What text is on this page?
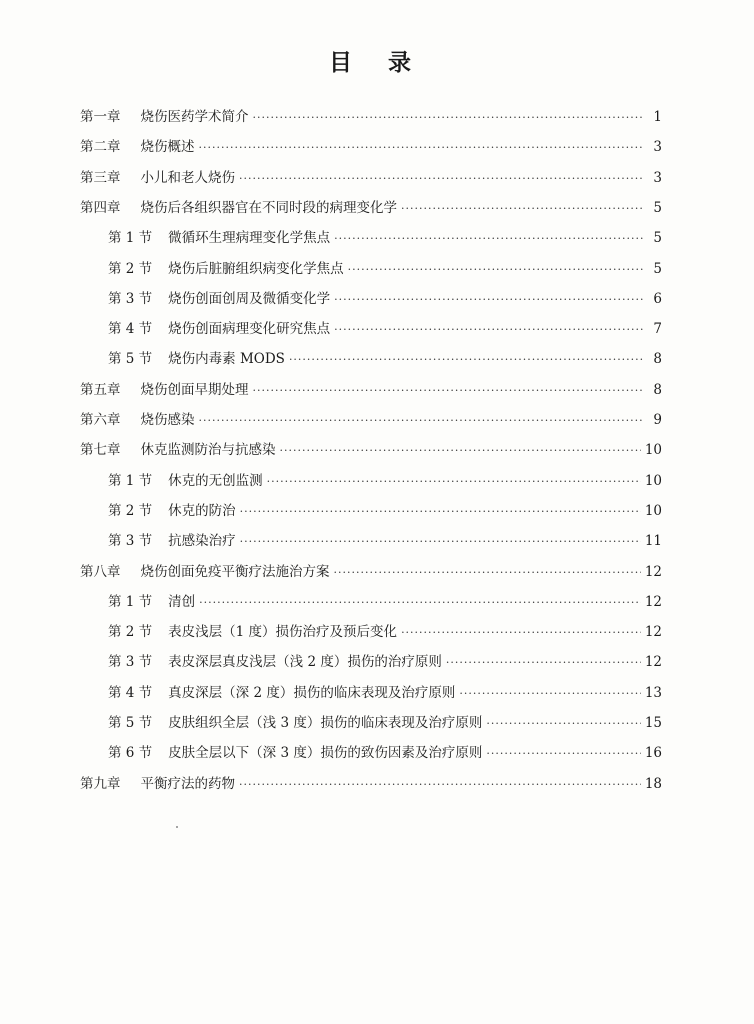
目 录
第一章	烧伤医药学术简介 ·····	1
第二章	烧伤概述 ·····	3
第三章	小儿和老人烧伤 ·····	3
第四章	烧伤后各组织器官在不同时段的病理变化学 ·····	5
第 1 节	微循环生理病理变化学焦点 ·····	5
第 2 节	烧伤后脏腑组织病变化学焦点 ·····	5
第 3 节	烧伤创面创周及微循变化学 ·····	6
第 4 节	烧伤创面病理变化研究焦点 ·····	7
第 5 节	烧伤内毒素 MODS ·····	8
第五章	烧伤创面早期处理 ·····	8
第六章	烧伤感染 ·····	9
第七章	休克监测防治与抗感染 ·····	10
第 1 节	休克的无创监测 ·····	10
第 2 节	休克的防治 ·····	10
第 3 节	抗感染治疗 ·····	11
第八章	烧伤创面免疫平衡疗法施治方案 ·····	12
第 1 节	清创 ·····	12
第 2 节	表皮浅层（1 度）损伤治疗及预后变化 ·····	12
第 3 节	表皮深层真皮浅层（浅 2 度）损伤的治疗原则 ·····	12
第 4 节	真皮深层（深 2 度）损伤的临床表现及治疗原则 ·····	13
第 5 节	皮肤组织全层（浅 3 度）损伤的临床表现及治疗原则 ·····	15
第 6 节	皮肤全层以下（深 3 度）损伤的致伤因素及治疗原则 ·····	16
第九章	平衡疗法的药物 ·····	18
